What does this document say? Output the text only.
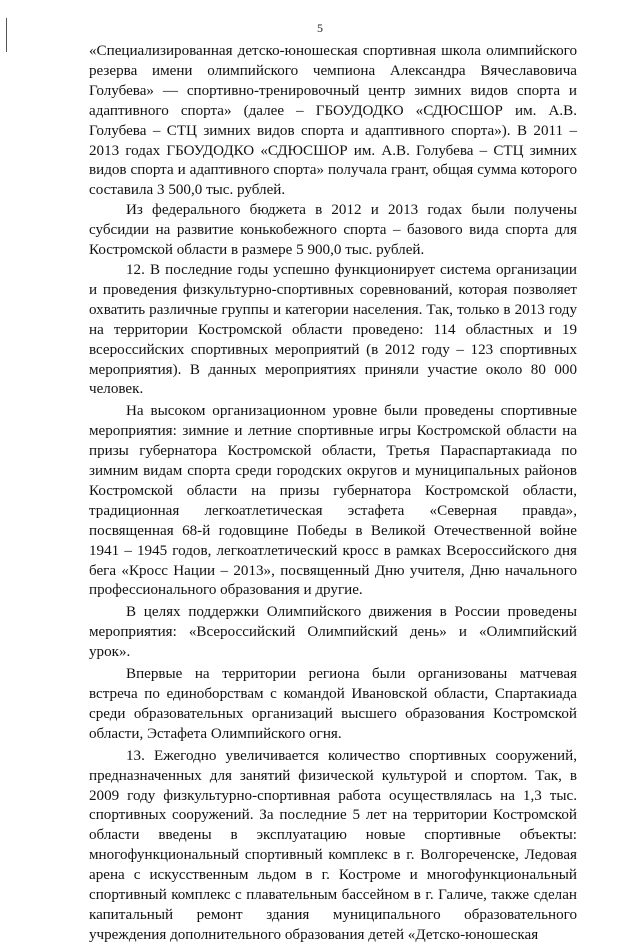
5

«Специализированная детско-юношеская спортивная школа олимпийского резерва имени олимпийского чемпиона Александра Вячеславовича Голубева» — спортивно-тренировочный центр зимних видов спорта и адаптивного спорта» (далее – ГБОУДОДКО «СДЮСШОР им. А.В. Голубева – СТЦ зимних видов спорта и адаптивного спорта»). В 2011 – 2013 годах ГБОУДОДКО «СДЮСШОР им. А.В. Голубева – СТЦ зимних видов спорта и адаптивного спорта» получала грант, общая сумма которого составила 3 500,0 тыс. рублей.

Из федерального бюджета в 2012 и 2013 годах были получены субсидии на развитие конькобежного спорта – базового вида спорта для Костромской области в размере 5 900,0 тыс. рублей.

12. В последние годы успешно функционирует система организации и проведения физкультурно-спортивных соревнований, которая позволяет охватить различные группы и категории населения. Так, только в 2013 году на территории Костромской области проведено: 114 областных и 19 всероссийских спортивных мероприятий (в 2012 году – 123 спортивных мероприятия). В данных мероприятиях приняли участие около 80 000 человек.

На высоком организационном уровне были проведены спортивные мероприятия: зимние и летние спортивные игры Костромской области на призы губернатора Костромской области, Третья Параспартакиада по зимним видам спорта среди городских округов и муниципальных районов Костромской области на призы губернатора Костромской области, традиционная легкоатлетическая эстафета «Северная правда», посвященная 68-й годовщине Победы в Великой Отечественной войне 1941 – 1945 годов, легкоатлетический кросс в рамках Всероссийского дня бега «Кросс Нации – 2013», посвященный Дню учителя, Дню начального профессионального образования и другие.

В целях поддержки Олимпийского движения в России проведены мероприятия: «Всероссийский Олимпийский день» и «Олимпийский урок».

Впервые на территории региона были организованы матчевая встреча по единоборствам с командой Ивановской области, Спартакиада среди образовательных организаций высшего образования Костромской области, Эстафета Олимпийского огня.

13. Ежегодно увеличивается количество спортивных сооружений, предназначенных для занятий физической культурой и спортом. Так, в 2009 году физкультурно-спортивная работа осуществлялась на 1,3 тыс. спортивных сооружений. За последние 5 лет на территории Костромской области введены в эксплуатацию новые спортивные объекты: многофункциональный спортивный комплекс в г. Волгореченске, Ледовая арена с искусственным льдом в г. Костроме и многофункциональный спортивный комплекс с плавательным бассейном в г. Галиче, также сделан капитальный ремонт здания муниципального образовательного учреждения дополнительного образования детей «Детско-юношеская
